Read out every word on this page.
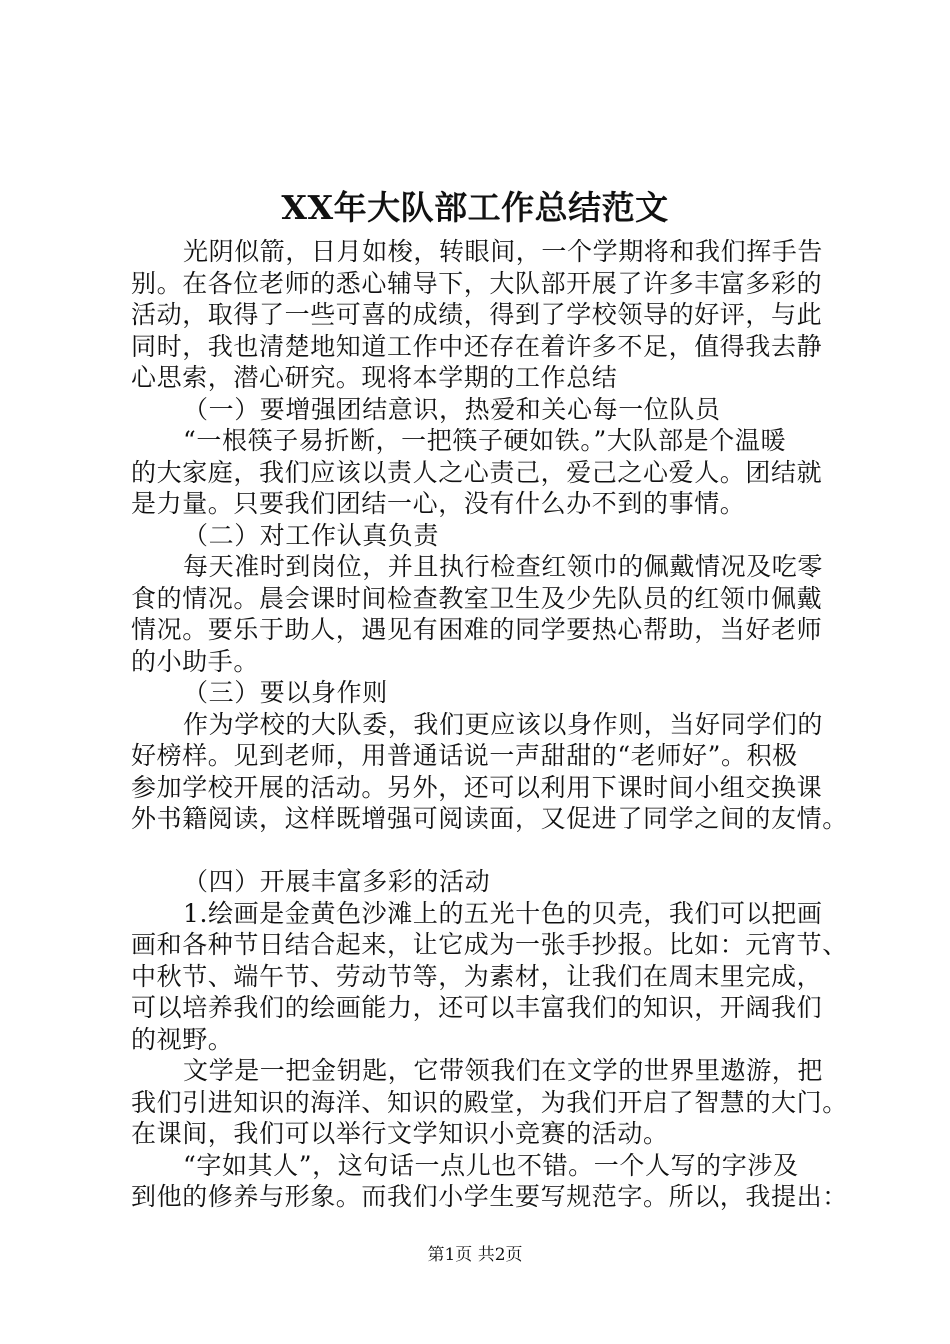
XX年大队部工作总结范文
光阴似箭，日月如梭，转眼间，一个学期将和我们挥手告
别。在各位老师的悉心辅导下，大队部开展了许多丰富多彩的
活动，取得了一些可喜的成绩，得到了学校领导的好评，与此
同时，我也清楚地知道工作中还存在着许多不足，值得我去静
心思索，潜心研究。现将本学期的工作总结
（一）要增强团结意识，热爱和关心每一位队员
“一根筷子易折断，一把筷子硬如铁。”大队部是个温暖
的大家庭，我们应该以责人之心责己，爱己之心爱人。团结就
是力量。只要我们团结一心，没有什么办不到的事情。
（二）对工作认真负责
每天准时到岗位，并且执行检查红领巾的佩戴情况及吃零
食的情况。晨会课时间检查教室卫生及少先队员的红领巾佩戴
情况。要乐于助人，遇见有困难的同学要热心帮助，当好老师
的小助手。
（三）要以身作则
作为学校的大队委，我们更应该以身作则，当好同学们的
好榜样。见到老师，用普通话说一声甜甜的“老师好”。积极
参加学校开展的活动。另外，还可以利用下课时间小组交换课
外书籍阅读，这样既增强可阅读面，又促进了同学之间的友情。
（四）开展丰富多彩的活动
1.绘画是金黄色沙滩上的五光十色的贝壳，我们可以把画
画和各种节日结合起来，让它成为一张手抄报。比如：元宵节、
中秋节、端午节、劳动节等，为素材，让我们在周末里完成，
可以培养我们的绘画能力，还可以丰富我们的知识，开阔我们
的视野。
文学是一把金钥匙，它带领我们在文学的世界里遨游，把
我们引进知识的海洋、知识的殿堂，为我们开启了智慧的大门。
在课间，我们可以举行文学知识小竞赛的活动。
“字如其人”，这句话一点儿也不错。一个人写的字涉及
到他的修养与形象。而我们小学生要写规范字。所以，我提出：
第1页 共2页
